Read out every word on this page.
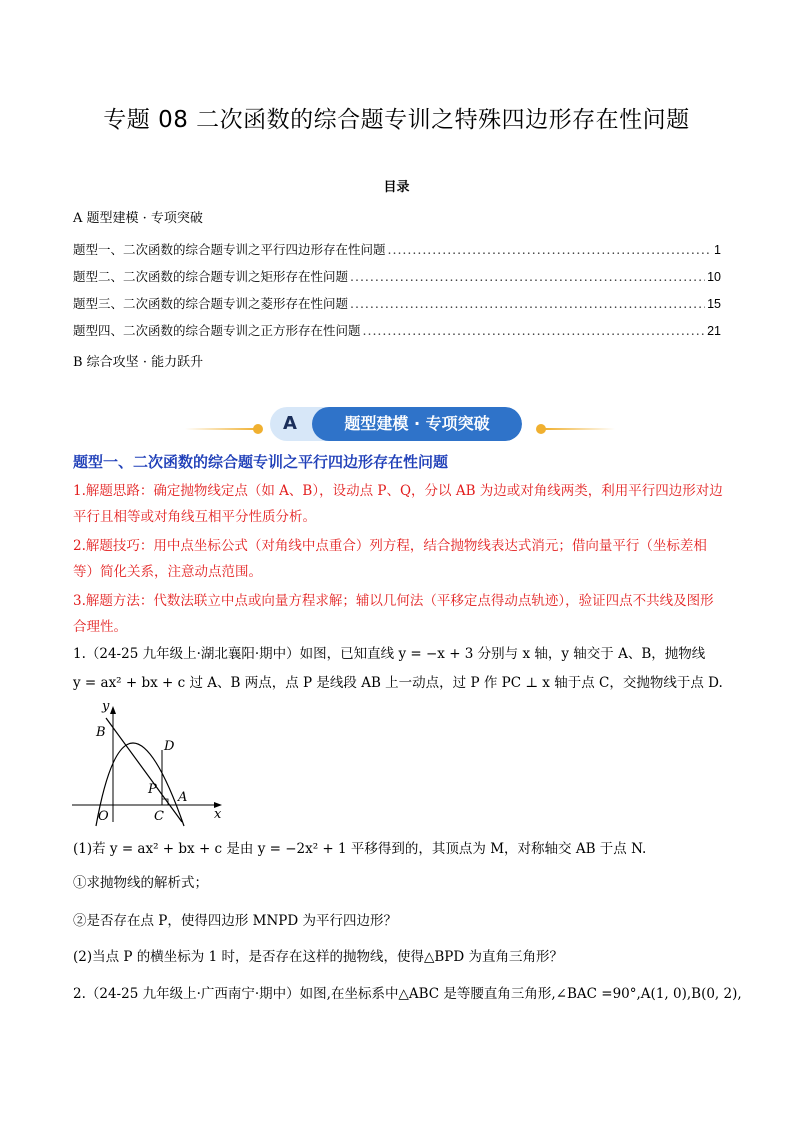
专题 08 二次函数的综合题专训之特殊四边形存在性问题
目录
A 题型建模 · 专项突破
题型一、二次函数的综合题专训之平行四边形存在性问题 .....	1
题型二、二次函数的综合题专训之矩形存在性问题 .....	10
题型三、二次函数的综合题专训之菱形存在性问题 .....	15
题型四、二次函数的综合题专训之正方形存在性问题 .....	21
B 综合攻坚 · 能力跃升
A	题型建模 · 专项突破
题型一、二次函数的综合题专训之平行四边形存在性问题
1.解题思路：确定抛物线定点（如 A、B），设动点 P、Q，分以 AB 为边或对角线两类，利用平行四边形对边平行且相等或对角线互相平分性质分析。
2.解题技巧：用中点坐标公式（对角线中点重合）列方程，结合抛物线表达式消元；借向量平行（坐标差相等）简化关系，注意动点范围。
3.解题方法：代数法联立中点或向量方程求解；辅以几何法（平移定点得动点轨迹），验证四点不共线及图形合理性。
1.（24-25 九年级上·湖北襄阳·期中）如图，已知直线 y = −x + 3 分别与 x 轴，y 轴交于 A、B，抛物线
y = ax² + bx + c 过 A、B 两点，点 P 是线段 AB 上一动点，过 P 作 PC ⊥ x 轴于点 C，交抛物线于点 D.
y
x
B
D
P
A
O	C
(1)若 y = ax² + bx + c 是由 y = −2x² + 1 平移得到的，其顶点为 M，对称轴交 AB 于点 N.
①求抛物线的解析式；
②是否存在点 P，使得四边形 MNPD 为平行四边形？
(2)当点 P 的横坐标为 1 时，是否存在这样的抛物线，使得△BPD 为直角三角形？
2.（24-25 九年级上·广西南宁·期中）如图,在坐标系中△ABC 是等腰直角三角形,∠BAC =90°,A(1, 0),B(0, 2),
